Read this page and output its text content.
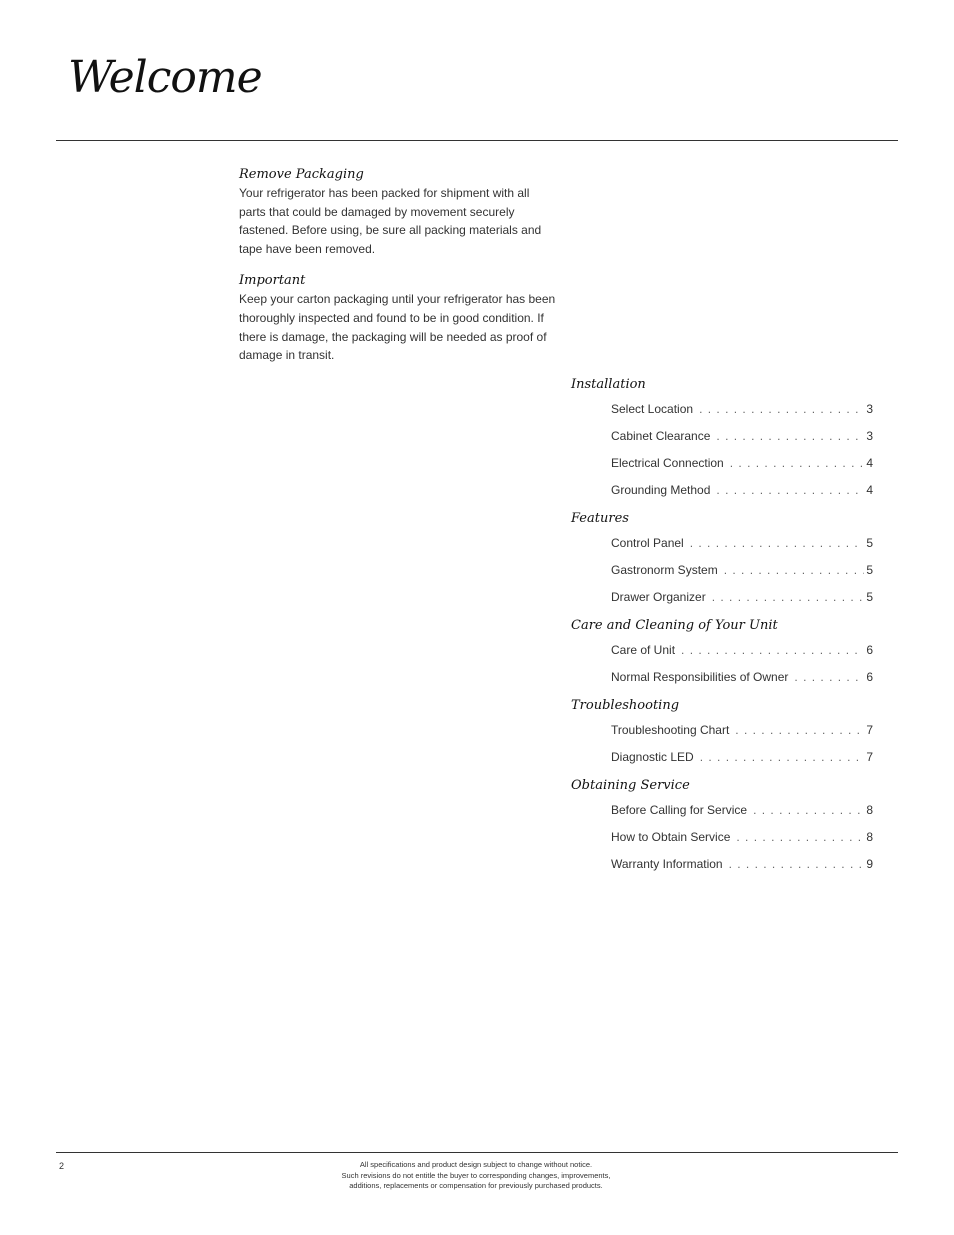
Welcome
Remove Packaging

Your refrigerator has been packed for shipment with all parts that could be damaged by movement securely fastened. Before using, be sure all packing materials and tape have been removed.

Important

Keep your carton packaging until your refrigerator has been thoroughly inspected and found to be in good condition. If there is damage, the packaging will be needed as proof of damage in transit.

Installation
Select Location . . .	3
Cabinet Clearance . . .	3
Electrical Connection . . .	4
Grounding Method . . .	4
Features
Control Panel . . .	5
Gastronorm System . . .	5
Drawer Organizer . . .	5
Care and Cleaning of Your Unit
Care of Unit . . .	6
Normal Responsibilities of Owner . . .	6
Troubleshooting
Troubleshooting Chart . . .	7
Diagnostic LED . . .	7
Obtaining Service
Before Calling for Service . . .	8
How to Obtain Service . . .	8
Warranty Information . . .	9
2	All specifications and product design subject to change without notice.
Such revisions do not entitle the buyer to corresponding changes, improvements,
additions, replacements or compensation for previously purchased products.
